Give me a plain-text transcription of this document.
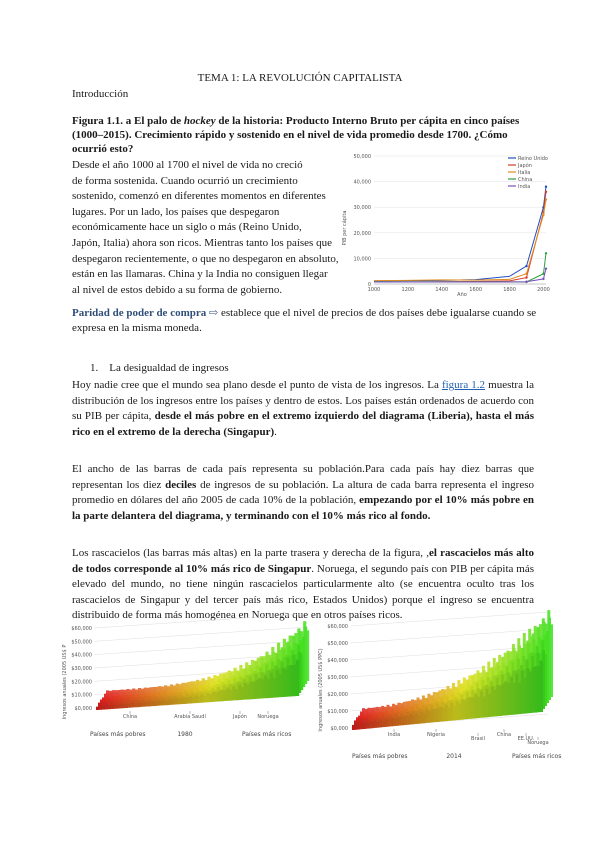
TEMA 1: LA REVOLUCIÓN CAPITALISTA
Introducción
Figura 1.1. a El palo de hockey de la historia: Producto Interno Bruto per cápita en cinco países (1000–2015). Crecimiento rápido y sostenido en el nivel de vida promedio desde 1700. ¿Cómo ocurrió esto?
Desde el año 1000 al 1700 el nivel de vida no creció
de forma sostenida. Cuando ocurrió un crecimiento
sostenido, comenzó en diferentes momentos en diferentes
lugares. Por un lado, los países que despegaron
económicamente hace un siglo o más (Reino Unido,
Japón, Italia) ahora son ricos. Mientras tanto los países que
despegaron recientemente, o que no despegaron en absoluto,
están en las llamaras. China y la India no consiguen llegar
al nivel de estos debido a su forma de gobierno.	0
10,000
20,000
30,000
40,000
50,000
1000	1200	1400	1600	1800	2000
Reino Unido
Japón
Italia
China
India
PIB per cápita
Año
Paridad de poder de compra ⇨ establece que el nivel de precios de dos países debe igualarse cuando se expresa en la misma moneda.
1. La desigualdad de ingresos
Hoy nadie cree que el mundo sea plano desde el punto de vista de los ingresos. La figura 1.2 muestra la distribución de los ingresos entre los países y dentro de estos. Los países están ordenados de acuerdo con su PIB per cápita, desde el más pobre en el extremo izquierdo del diagrama (Liberia), hasta el más rico en el extremo de la derecha (Singapur).
El ancho de las barras de cada país representa su población.Para cada país hay diez barras que representan los diez deciles de ingresos de su población. La altura de cada barra representa el ingreso promedio en dólares del año 2005 de cada 10% de la población, empezando por el 10% más pobre en la parte delantera del diagrama, y terminando con el 10% más rico al fondo.
Los rascacielos (las barras más altas) en la parte trasera y derecha de la figura, ,el rascacielos más alto de todos corresponde al 10% más rico de Singapur. Noruega, el segundo país con PIB per cápita más elevado del mundo, no tiene ningún rascacielos particularmente alto (se encuentra oculto tras los rascacielos de Singapur y del tercer país más rico, Estados Unidos) porque el ingreso se encuentra distribuido de forma más homogénea en Noruega que en otros países ricos.
$0,000
$10,000
$20,000
$30,000
$40,000
$50,000
$60,000
China	Arabia Saudí	Japón Noruega
Ingresos anuales (2005 US$ P
Países más pobres	1980	Países más ricos
$0,000
$10,000
$20,000
$30,000
$40,000
$50,000
$60,000
India	Nigeria
Brasil
China
EE.UU.
Noruega
Ingresos anuales (2005 US$ PPC)
Países más pobres	2014	Países más ricos
